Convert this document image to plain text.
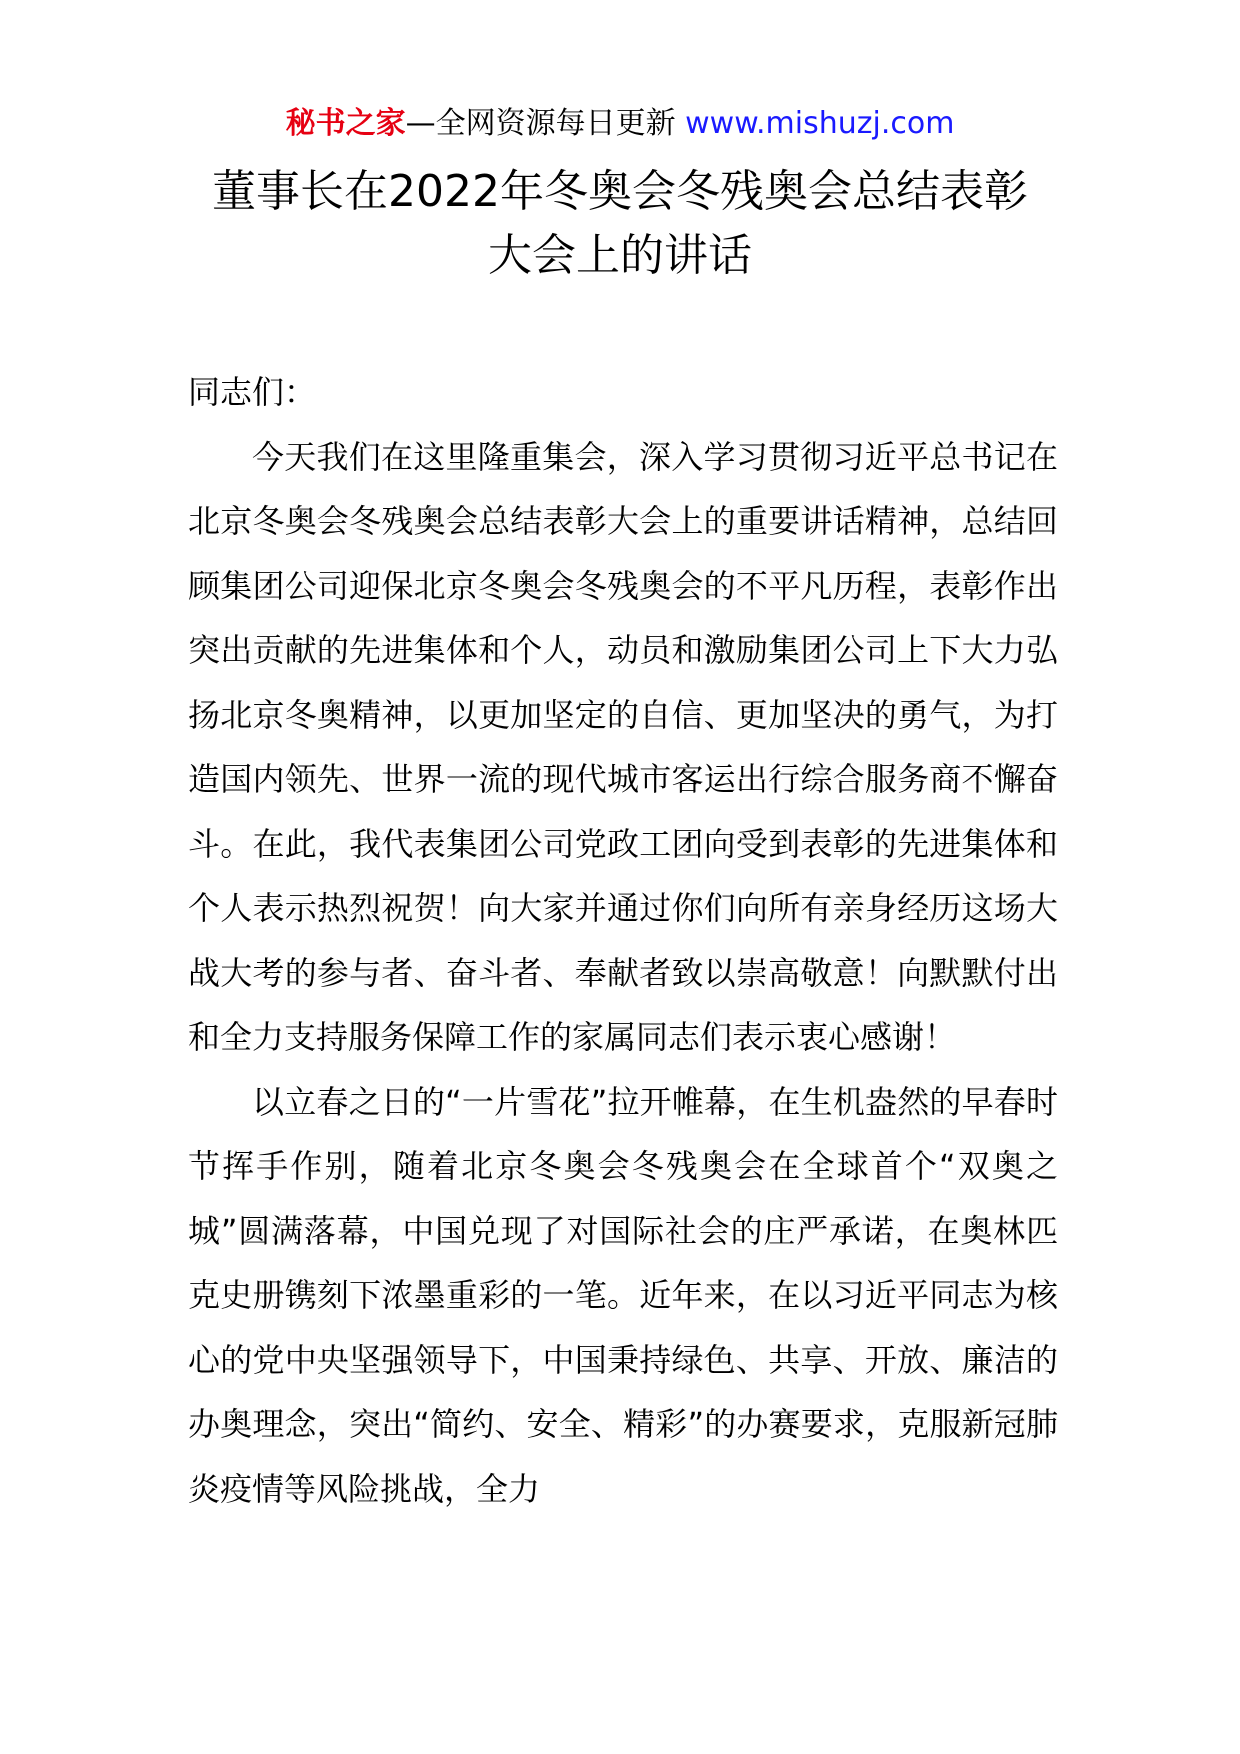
秘书之家—全网资源每日更新 www.mishuzj.com
董事长在2022年冬奥会冬残奥会总结表彰
大会上的讲话

同志们：

今天我们在这里隆重集会，深入学习贯彻习近平总书记在北京冬奥会冬残奥会总结表彰大会上的重要讲话精神，总结回顾集团公司迎保北京冬奥会冬残奥会的不平凡历程，表彰作出突出贡献的先进集体和个人，动员和激励集团公司上下大力弘扬北京冬奥精神，以更加坚定的自信、更加坚决的勇气，为打造国内领先、世界一流的现代城市客运出行综合服务商不懈奋斗。在此，我代表集团公司党政工团向受到表彰的先进集体和个人表示热烈祝贺！向大家并通过你们向所有亲身经历这场大战大考的参与者、奋斗者、奉献者致以崇高敬意！向默默付出和全力支持服务保障工作的家属同志们表示衷心感谢！

以立春之日的“一片雪花”拉开帷幕，在生机盎然的早春时节挥手作别，随着北京冬奥会冬残奥会在全球首个“双奥之城”圆满落幕，中国兑现了对国际社会的庄严承诺，在奥林匹克史册镌刻下浓墨重彩的一笔。近年来，在以习近平同志为核心的党中央坚强领导下，中国秉持绿色、共享、开放、廉洁的办奥理念，突出“简约、安全、精彩”的办赛要求，克服新冠肺炎疫情等风险挑战，全力
